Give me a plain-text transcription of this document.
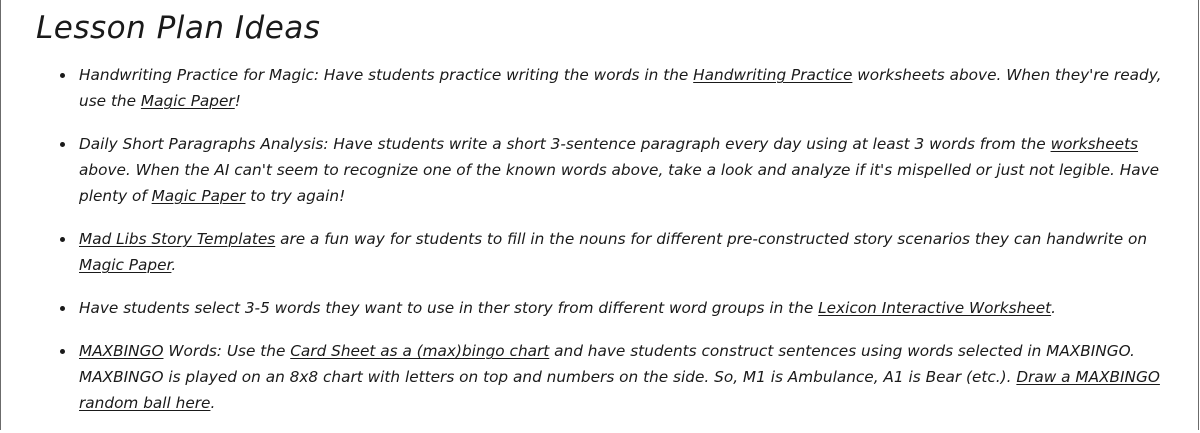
Lesson Plan Ideas
Handwriting Practice for Magic: Have students practice writing the words in the Handwriting Practice worksheets above. When they're ready, use the Magic Paper!
Daily Short Paragraphs Analysis: Have students write a short 3-sentence paragraph every day using at least 3 words from the worksheets above. When the AI can't seem to recognize one of the known words above, take a look and analyze if it's mispelled or just not legible. Have plenty of Magic Paper to try again!
Mad Libs Story Templates are a fun way for students to fill in the nouns for different pre-constructed story scenarios they can handwrite on Magic Paper.
Have students select 3-5 words they want to use in ther story from different word groups in the Lexicon Interactive Worksheet.
MAXBINGO Words: Use the Card Sheet as a (max)bingo chart and have students construct sentences using words selected in MAXBINGO. MAXBINGO is played on an 8x8 chart with letters on top and numbers on the side. So, M1 is Ambulance, A1 is Bear (etc.). Draw a MAXBINGO random ball here.
